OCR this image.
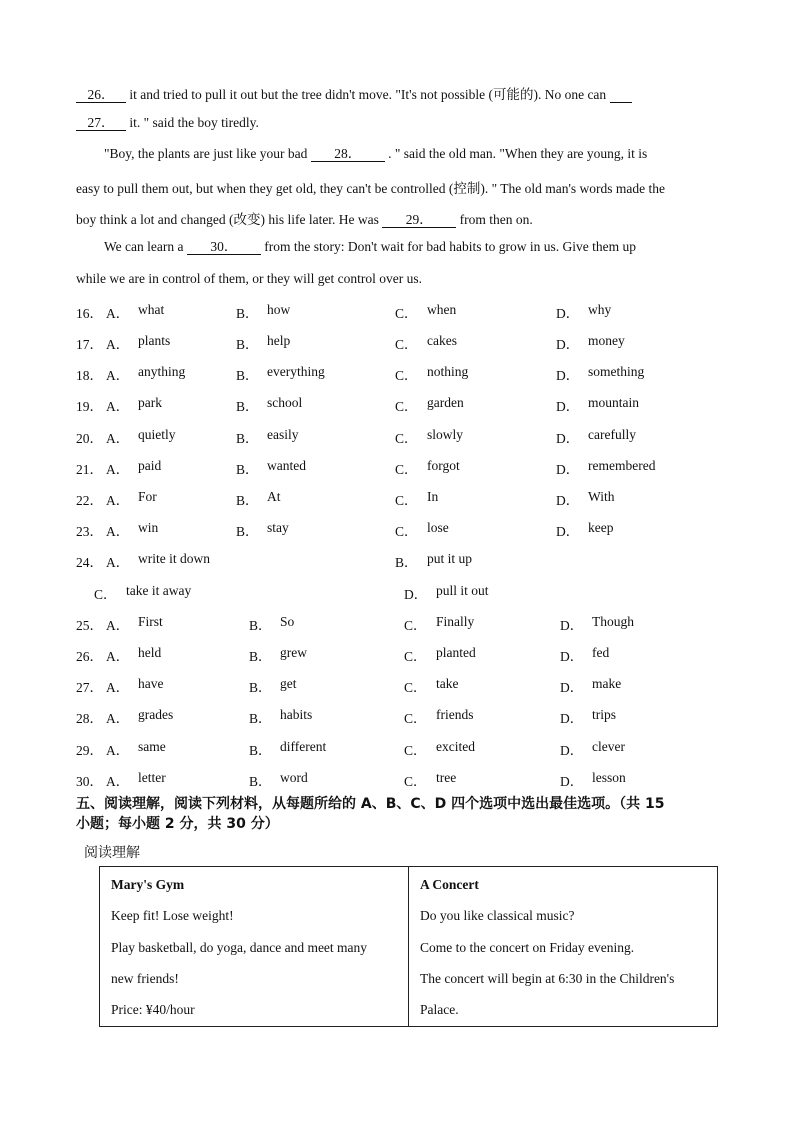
26． it and tried to pull it out but the tree didn't move. "It's not possible (可能的). No one can
27． it. " said the boy tiredly.
"Boy, the plants are just like your bad 28． . " said the old man. "When they are young, it is
easy to pull them out, but when they get old, they can't be controlled (控制). " The old man's words made the
boy think a lot and changed (改变) his life later. He was 29． from then on.
We can learn a 30． from the story: Don't wait for bad habits to grow in us. Give them up
while we are in control of them, or they will get control over us.
16． A． what	B． how	C． when	D． why
17． A． plants	B． help	C． cakes	D． money
18． A． anything	B． everything	C． nothing	D． something
19． A． park	B． school	C． garden	D． mountain
20． A． quietly	B． easily	C． slowly	D． carefully
21． A． paid	B． wanted	C． forgot	D． remembered
22． A． For	B． At	C． In	D． With
23． A． win	B． stay	C． lose	D． keep
24． A． write it down	B． put it up
C． take it away	D． pull it out
25． A． First	B． So	C． Finally	D． Though
26． A． held	B． grew	C． planted	D． fed
27． A． have	B． get	C． take	D． make
28． A． grades	B． habits	C． friends	D． trips
29． A． same	B． different	C． excited	D． clever
30． A． letter	B． word	C． tree	D． lesson
五、阅读理解，阅读下列材料，从每题所给的 A、B、C、D 四个选项中选出最佳选项。（共 15
小题；每小题 2 分，共 30 分）
阅读理解
Mary's Gym
Keep fit! Lose weight!
Play basketball, do yoga, dance and meet many
new friends!
Price: ¥40/hour

A Concert
Do you like classical music?
Come to the concert on Friday evening.
The concert will begin at 6:30 in the Children's
Palace.
